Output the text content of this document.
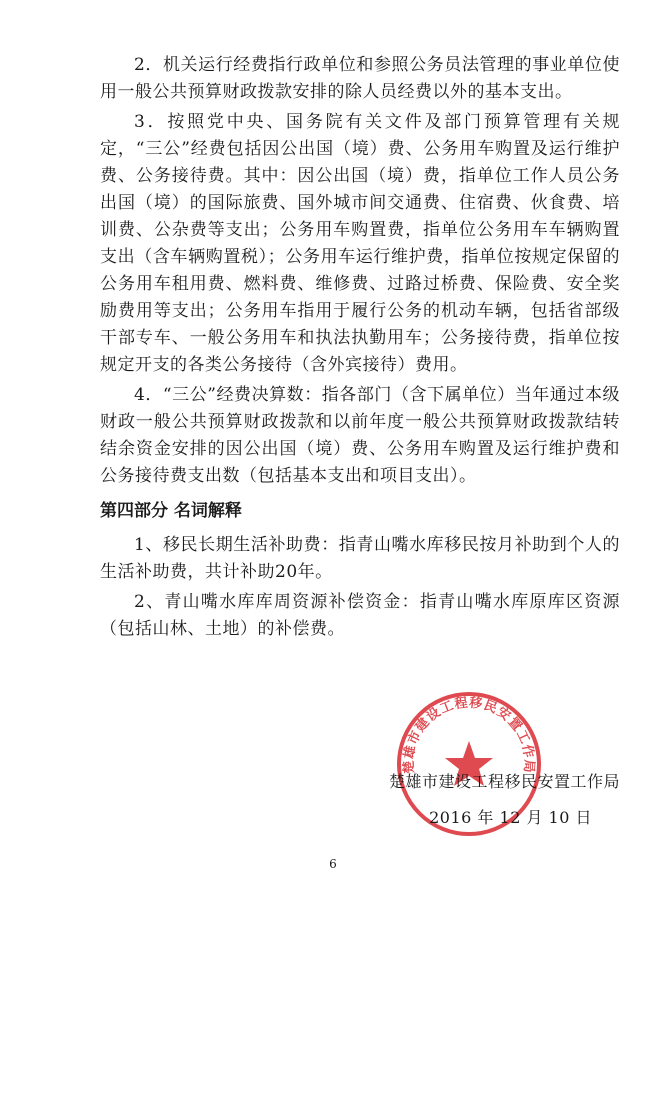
2．机关运行经费指行政单位和参照公务员法管理的事业单位使用一般公共预算财政拨款安排的除人员经费以外的基本支出。

3．按照党中央、国务院有关文件及部门预算管理有关规定，“三公”经费包括因公出国（境）费、公务用车购置及运行维护费、公务接待费。其中：因公出国（境）费，指单位工作人员公务出国（境）的国际旅费、国外城市间交通费、住宿费、伙食费、培训费、公杂费等支出；公务用车购置费，指单位公务用车车辆购置支出（含车辆购置税）；公务用车运行维护费，指单位按规定保留的公务用车租用费、燃料费、维修费、过路过桥费、保险费、安全奖励费用等支出；公务用车指用于履行公务的机动车辆，包括省部级干部专车、一般公务用车和执法执勤用车；公务接待费，指单位按规定开支的各类公务接待（含外宾接待）费用。

4．“三公”经费决算数：指各部门（含下属单位）当年通过本级财政一般公共预算财政拨款和以前年度一般公共预算财政拨款结转结余资金安排的因公出国（境）费、公务用车购置及运行维护费和公务接待费支出数（包括基本支出和项目支出）。

第四部分 名词解释

1、移民长期生活补助费：指青山嘴水库移民按月补助到个人的生活补助费，共计补助20年。

2、青山嘴水库库周资源补偿资金：指青山嘴水库原库区资源（包括山林、土地）的补偿费。

楚雄市建设工程移民安置工作局
楚雄市建设工程移民安置工作局
2016 年 12 月 10 日
6
